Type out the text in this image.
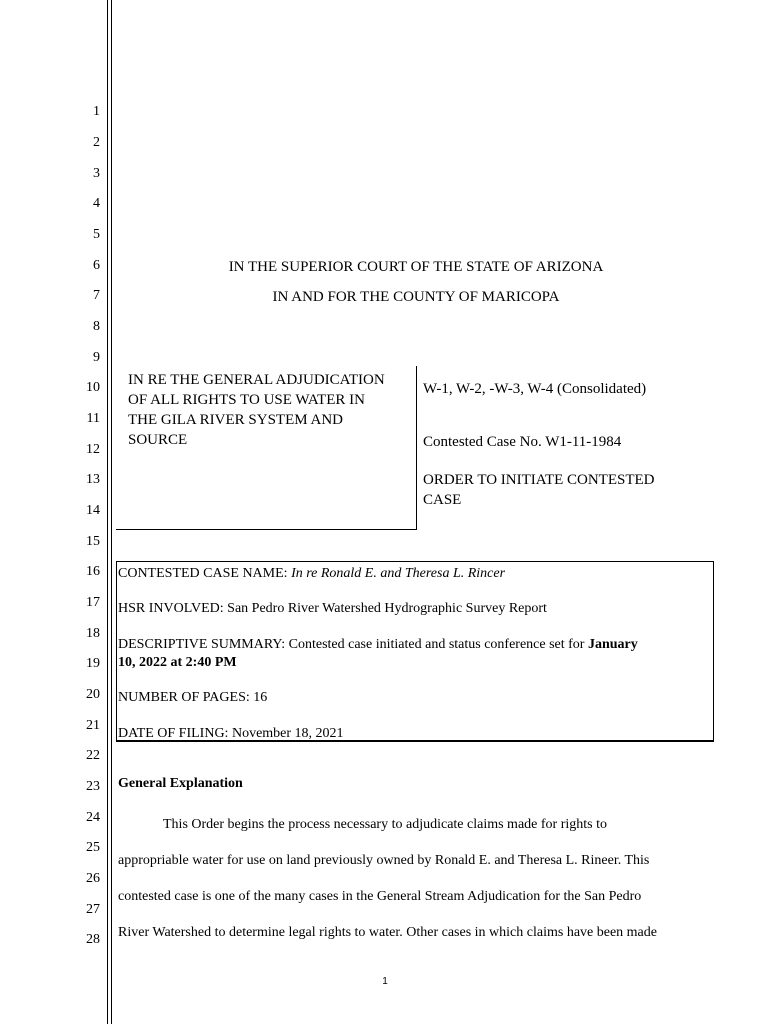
1
2
3
4
5
6
7
8
9
10
11
12
13
14
15
16
17
18
19
20
21
22
23
24
25
26
27
28
IN THE SUPERIOR COURT OF THE STATE OF ARIZONA
IN AND FOR THE COUNTY OF MARICOPA
IN RE THE GENERAL ADJUDICATION
OF ALL RIGHTS TO USE WATER IN
THE GILA RIVER SYSTEM AND
SOURCE
W-1, W-2, -W-3, W-4 (Consolidated)
Contested Case No. W1-11-1984
ORDER TO INITIATE CONTESTED
CASE
CONTESTED CASE NAME: In re Ronald E. and Theresa L. Rincer
HSR INVOLVED: San Pedro River Watershed Hydrographic Survey Report
DESCRIPTIVE SUMMARY: Contested case initiated and status conference set for January
10, 2022 at 2:40 PM
NUMBER OF PAGES: 16
DATE OF FILING: November 18, 2021
General Explanation
This Order begins the process necessary to adjudicate claims made for rights to
appropriable water for use on land previously owned by Ronald E. and Theresa L. Rineer. This
contested case is one of the many cases in the General Stream Adjudication for the San Pedro
River Watershed to determine legal rights to water. Other cases in which claims have been made
1
